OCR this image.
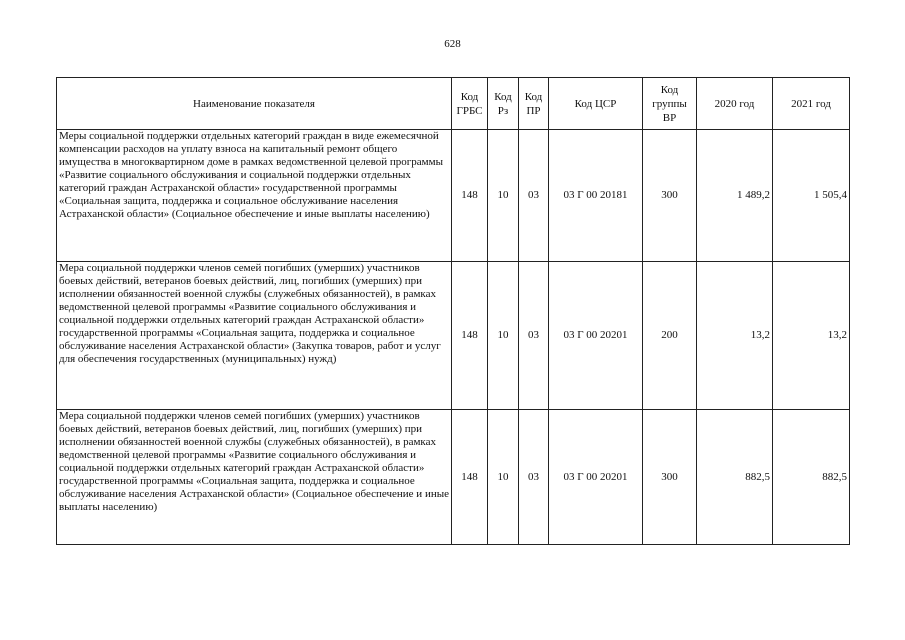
628
Наименование показателя	Код ГРБС	Код Рз	Код ПР	Код ЦСР	Код группы ВР	2020 год	2021 год
Меры социальной поддержки отдельных категорий граждан в виде ежемесячной компенсации расходов на уплату взноса на капитальный ремонт общего имущества в многоквартирном доме в рамках ведомственной целевой программы «Развитие социального обслуживания и социальной поддержки отдельных категорий граждан Астраханской области» государственной программы «Социальная защита, поддержка и социальное обслуживание населения Астраханской области» (Социальное обеспечение и иные выплаты населению)	148	10	03	03 Г 00 20181	300	1 489,2	1 505,4
Мера социальной поддержки членов семей погибших (умерших) участников боевых действий, ветеранов боевых действий, лиц, погибших (умерших) при исполнении обязанностей военной службы (служебных обязанностей), в рамках ведомственной целевой программы «Развитие социального обслуживания и социальной поддержки отдельных категорий граждан Астраханской области» государственной программы «Социальная защита, поддержка и социальное обслуживание населения Астраханской области» (Закупка товаров, работ и услуг для обеспечения государственных (муниципальных) нужд)	148	10	03	03 Г 00 20201	200	13,2	13,2
Мера социальной поддержки членов семей погибших (умерших) участников боевых действий, ветеранов боевых действий, лиц, погибших (умерших) при исполнении обязанностей военной службы (служебных обязанностей), в рамках ведомственной целевой программы «Развитие социального обслуживания и социальной поддержки отдельных категорий граждан Астраханской области» государственной программы «Социальная защита, поддержка и социальное обслуживание населения Астраханской области» (Социальное обеспечение и иные выплаты населению)	148	10	03	03 Г 00 20201	300	882,5	882,5
